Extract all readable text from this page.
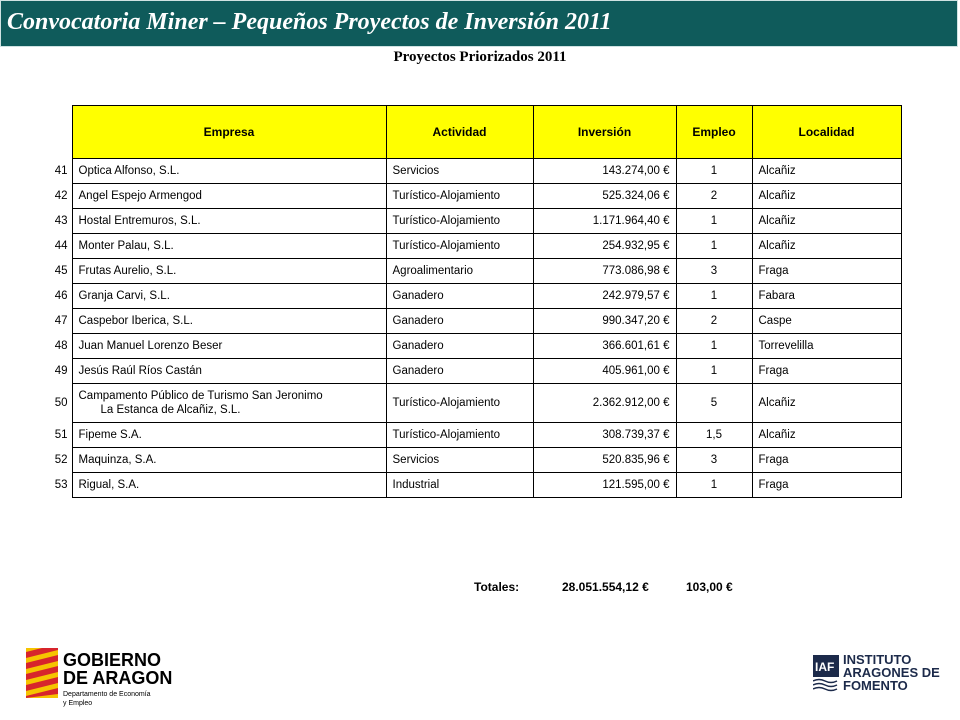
Convocatoria Miner – Pequeños Proyectos de Inversión 2011
Proyectos Priorizados 2011
	Empresa	Actividad	Inversión	Empleo	Localidad
41	Optica Alfonso, S.L.	Servicios	143.274,00 €	1	Alcañiz
42	Angel Espejo Armengod	Turístico-Alojamiento	525.324,06 €	2	Alcañiz
43	Hostal Entremuros, S.L.	Turístico-Alojamiento	1.171.964,40 €	1	Alcañiz
44	Monter Palau, S.L.	Turístico-Alojamiento	254.932,95 €	1	Alcañiz
45	Frutas Aurelio, S.L.	Agroalimentario	773.086,98 €	3	Fraga
46	Granja Carvi, S.L.	Ganadero	242.979,57 €	1	Fabara
47	Caspebor Iberica, S.L.	Ganadero	990.347,20 €	2	Caspe
48	Juan Manuel Lorenzo Beser	Ganadero	366.601,61 €	1	Torrevelilla
49	Jesús Raúl Ríos Castán	Ganadero	405.961,00 €	1	Fraga
50	Campamento Público de Turismo San Jeronimo
La Estanca de Alcañiz, S.L.	Turístico-Alojamiento	2.362.912,00 €	5	Alcañiz
51	Fipeme S.A.	Turístico-Alojamiento	308.739,37 €	1,5	Alcañiz
52	Maquinza, S.A.	Servicios	520.835,96 €	3	Fraga
53	Rigual, S.A.	Industrial	121.595,00 €	1	Fraga
Totales:	28.051.554,12 €	103,00 €
GOBIERNO
DE ARAGON
Departamento de Economía
y Empleo
IAF INSTITUTO
ARAGONES DE
FOMENTO
